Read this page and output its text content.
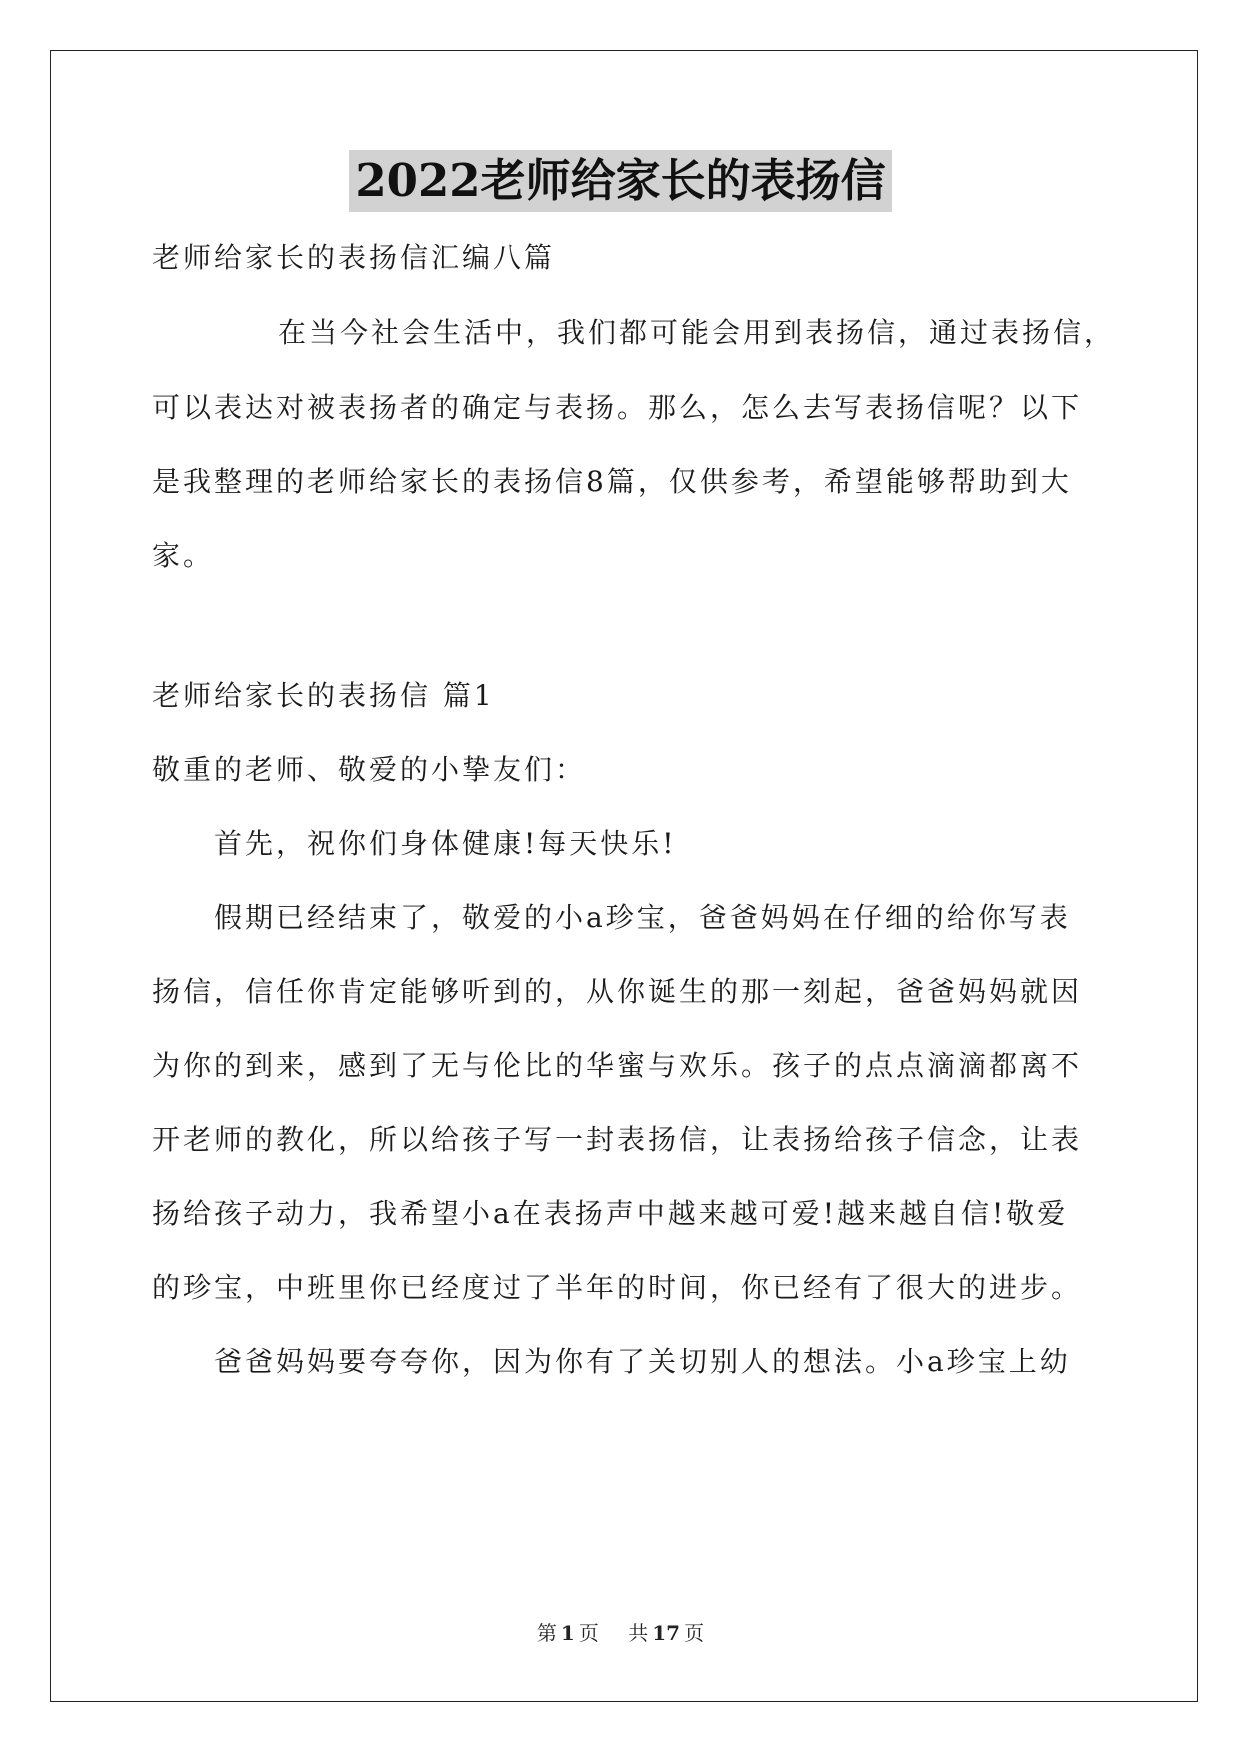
2022老师给家长的表扬信
老师给家长的表扬信汇编八篇
在当今社会生活中，我们都可能会用到表扬信，通过表扬信，
可以表达对被表扬者的确定与表扬。那么，怎么去写表扬信呢？以下
是我整理的老师给家长的表扬信8篇，仅供参考，希望能够帮助到大
家。
老师给家长的表扬信 篇1
敬重的老师、敬爱的小挚友们：
首先，祝你们身体健康!每天快乐!
假期已经结束了，敬爱的小a珍宝，爸爸妈妈在仔细的给你写表
扬信，信任你肯定能够听到的，从你诞生的那一刻起，爸爸妈妈就因
为你的到来，感到了无与伦比的华蜜与欢乐。孩子的点点滴滴都离不
开老师的教化，所以给孩子写一封表扬信，让表扬给孩子信念，让表
扬给孩子动力，我希望小a在表扬声中越来越可爱!越来越自信!敬爱
的珍宝，中班里你已经度过了半年的时间，你已经有了很大的进步。
爸爸妈妈要夸夸你，因为你有了关切别人的想法。小a珍宝上幼
第 1 页 共 17 页
